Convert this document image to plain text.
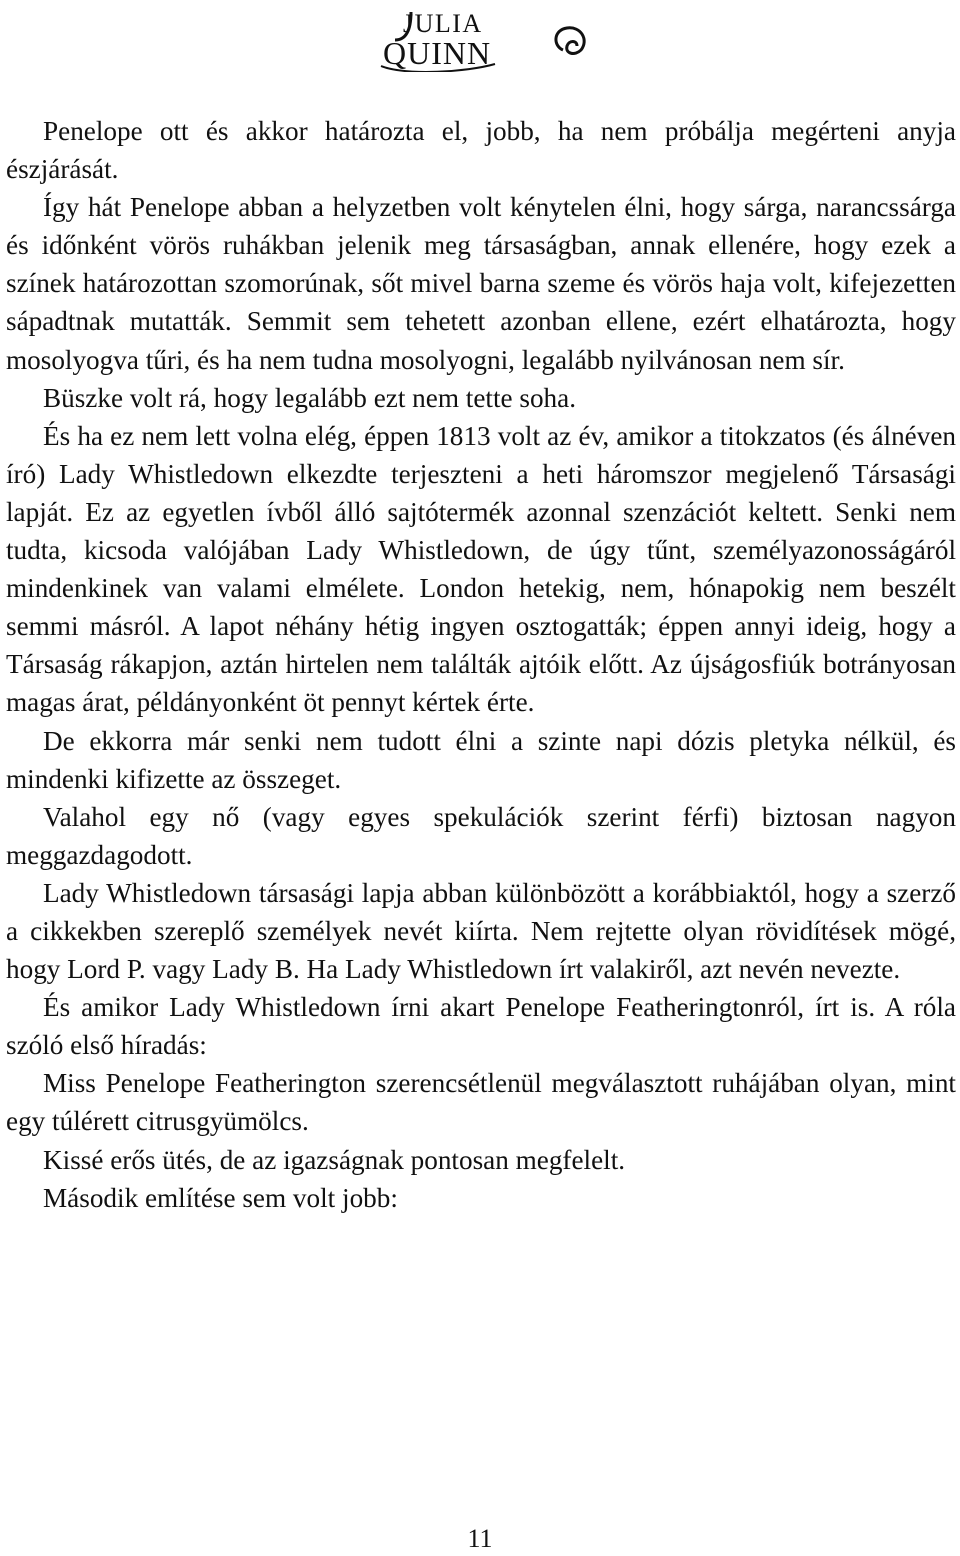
JULIA
QUINN

Penelope ott és akkor határozta el, jobb, ha nem próbálja megérteni anyja észjárását.

Így hát Penelope abban a helyzetben volt kénytelen élni, hogy sárga, narancssárga és időnként vörös ruhákban jelenik meg társaságban, annak ellenére, hogy ezek a színek határozottan szomorúnak, sőt mivel barna szeme és vörös haja volt, kifejezetten sápadtnak mutatták. Semmit sem tehetett azonban ellene, ezért elhatározta, hogy mosolyogva tűri, és ha nem tudna mosolyogni, legalább nyilvánosan nem sír.

Büszke volt rá, hogy legalább ezt nem tette soha.

És ha ez nem lett volna elég, éppen 1813 volt az év, amikor a titokzatos (és álnéven író) Lady Whistledown elkezdte terjeszteni a heti háromszor megjelenő Társasági lapját. Ez az egyetlen ívből álló sajtótermék azonnal szenzációt keltett. Senki nem tudta, kicsoda valójában Lady Whistledown, de úgy tűnt, személyazonosságáról mindenkinek van valami elmélete. London hetekig, nem, hónapokig nem beszélt semmi másról. A lapot néhány hétig ingyen osztogatták; éppen annyi ideig, hogy a Társaság rákapjon, aztán hirtelen nem találták ajtóik előtt. Az újságosfiúk botrányosan magas árat, példányonként öt pennyt kértek érte.

De ekkorra már senki nem tudott élni a szinte napi dózis pletyka nélkül, és mindenki kifizette az összeget.

Valahol egy nő (vagy egyes spekulációk szerint férfi) biztosan nagyon meggazdagodott.

Lady Whistledown társasági lapja abban különbözött a korábbiaktól, hogy a szerző a cikkekben szereplő személyek nevét kiírta. Nem rejtette olyan rövidítések mögé, hogy Lord P. vagy Lady B. Ha Lady Whistledown írt valakiről, azt nevén nevezte.

És amikor Lady Whistledown írni akart Penelope Featheringtonról, írt is. A róla szóló első híradás:

Miss Penelope Featherington szerencsétlenül megválasztott ruhájában olyan, mint egy túlérett citrusgyümölcs.

Kissé erős ütés, de az igazságnak pontosan megfelelt.

Második említése sem volt jobb:

11
